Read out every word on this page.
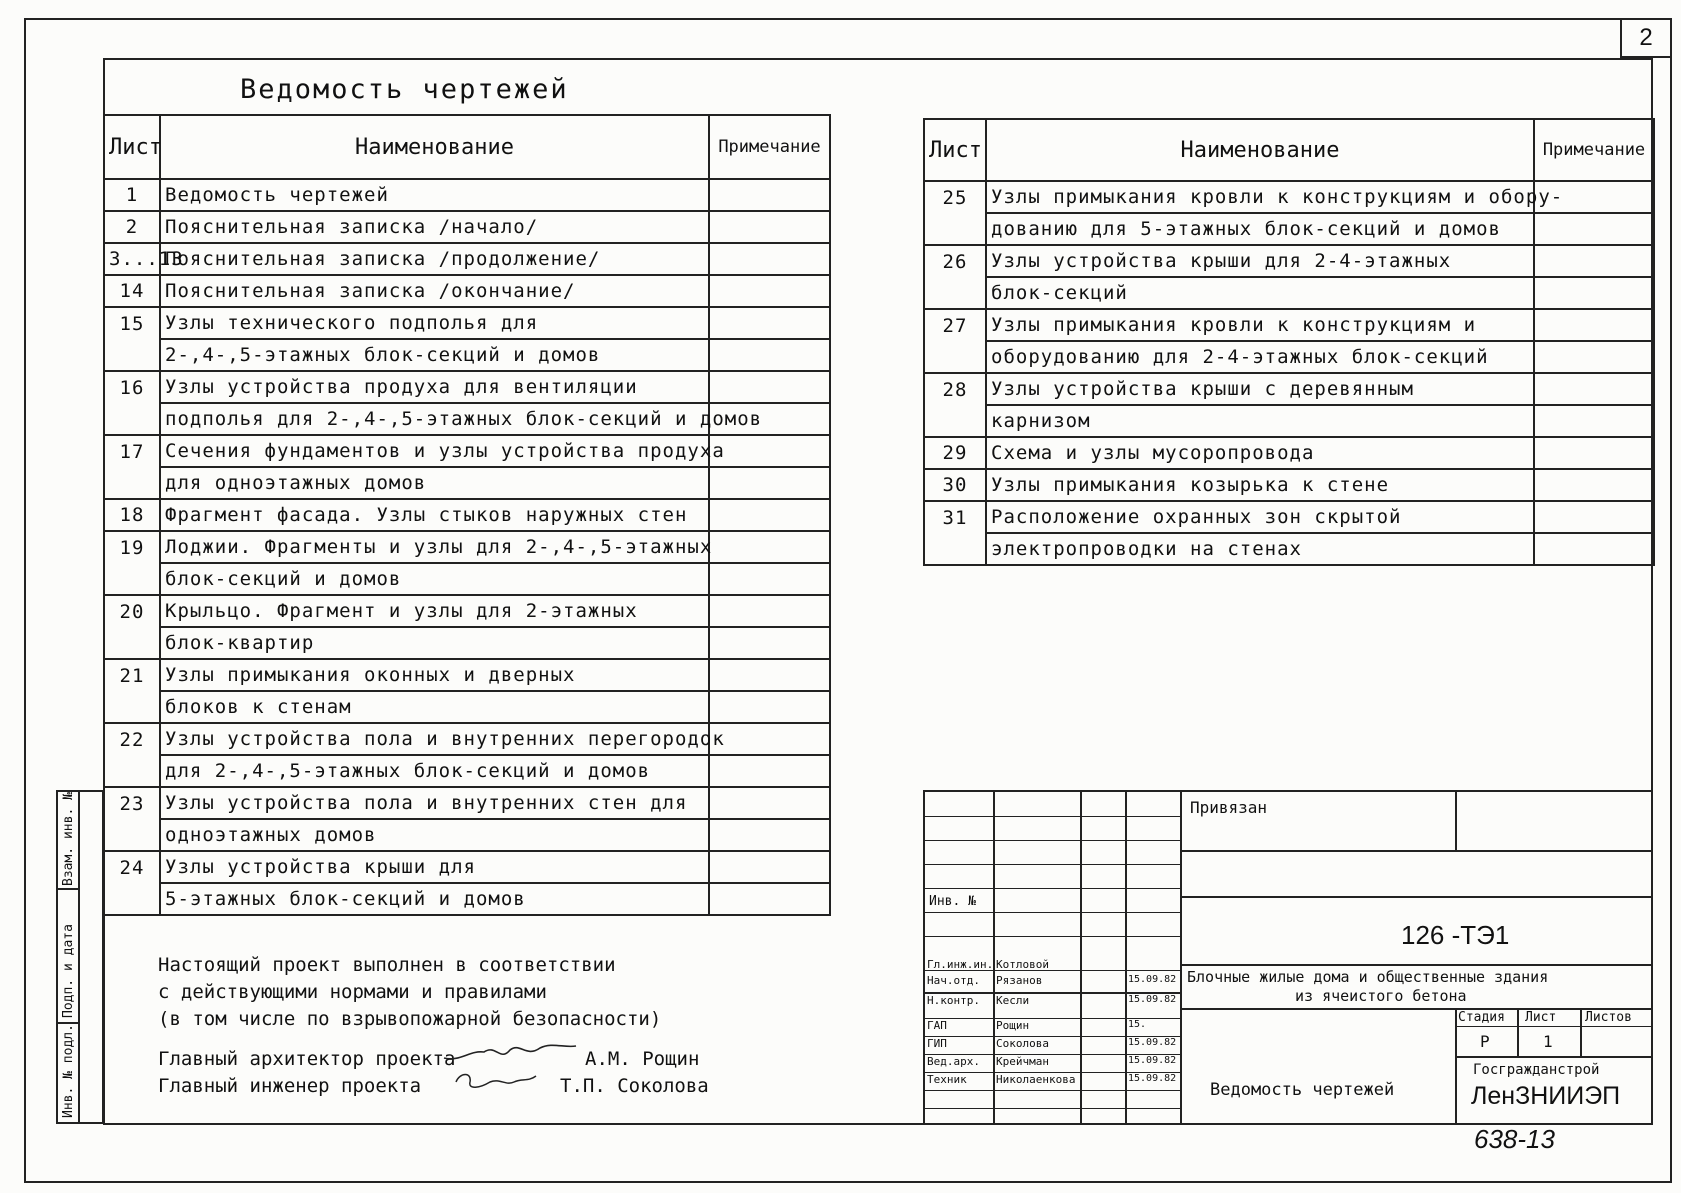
2
Ведомость чертежей
Лист	Наименование	Примечание
1	Ведомость чертежей	
2	Пояснительная записка /начало/	
3...13	Пояснительная записка /продолжение/	
14	Пояснительная записка /окончание/	
15	Узлы технического подполья для	
	2-,4-,5-этажных блок-секций и домов	
16	Узлы устройства продуха для вентиляции	
	подполья для 2-,4-,5-этажных блок-секций и домов	
17	Сечения фундаментов и узлы устройства продуха	
	для одноэтажных домов	
18	Фрагмент фасада. Узлы стыков наружных стен	
19	Лоджии. Фрагменты и узлы для 2-,4-,5-этажных	
	блок-секций и домов	
20	Крыльцо. Фрагмент и узлы для 2-этажных	
	блок-квартир	
21	Узлы примыкания оконных и дверных	
	блоков к стенам	
22	Узлы устройства пола и внутренних перегородок	
	для 2-,4-,5-этажных блок-секций и домов	
23	Узлы устройства пола и внутренних стен для	
	одноэтажных домов	
24	Узлы устройства крыши для	
	5-этажных блок-секций и домов	
Лист	Наименование	Примечание
25	Узлы примыкания кровли к конструкциям и обору-	
	дованию для 5-этажных блок-секций и домов	
26	Узлы устройства крыши для 2-4-этажных	
	блок-секций	
27	Узлы примыкания кровли к конструкциям и	
	оборудованию для 2-4-этажных блок-секций	
28	Узлы устройства крыши с деревянным	
	карнизом	
29	Схема и узлы мусоропровода	
30	Узлы примыкания козырька к стене	
31	Расположение охранных зон скрытой	
	электропроводки на стенах	
Взам. инв. №
Подп. и дата
Инв. № подл.
Настоящий проект выполнен в соответствии
с действующими нормами и правилами
(в том числе по взрывопожарной безопасности)
Главный архитектор проекта	А.М. Рощин
Главный инженер проекта	Т.П. Соколова
Привязан
Инв. №
126 -ТЭ1
Блочные жилые дома и общественные здания
из ячеистого бетона
Стадия Лист Листов
Р	1
Ведомость чертежей
Госгражданстрой
ЛенЗНИИЭП
Гл.инж.ин. Котловой
Нач.отд. Рязанов	15.09.82
Н.контр. Кесли	15.09.82
ГАП	Рощин	15.
ГИП	Соколова	15.09.82
Вед.арх. Крейчман	15.09.82
Техник	Николаенкова	15.09.82
638-13
